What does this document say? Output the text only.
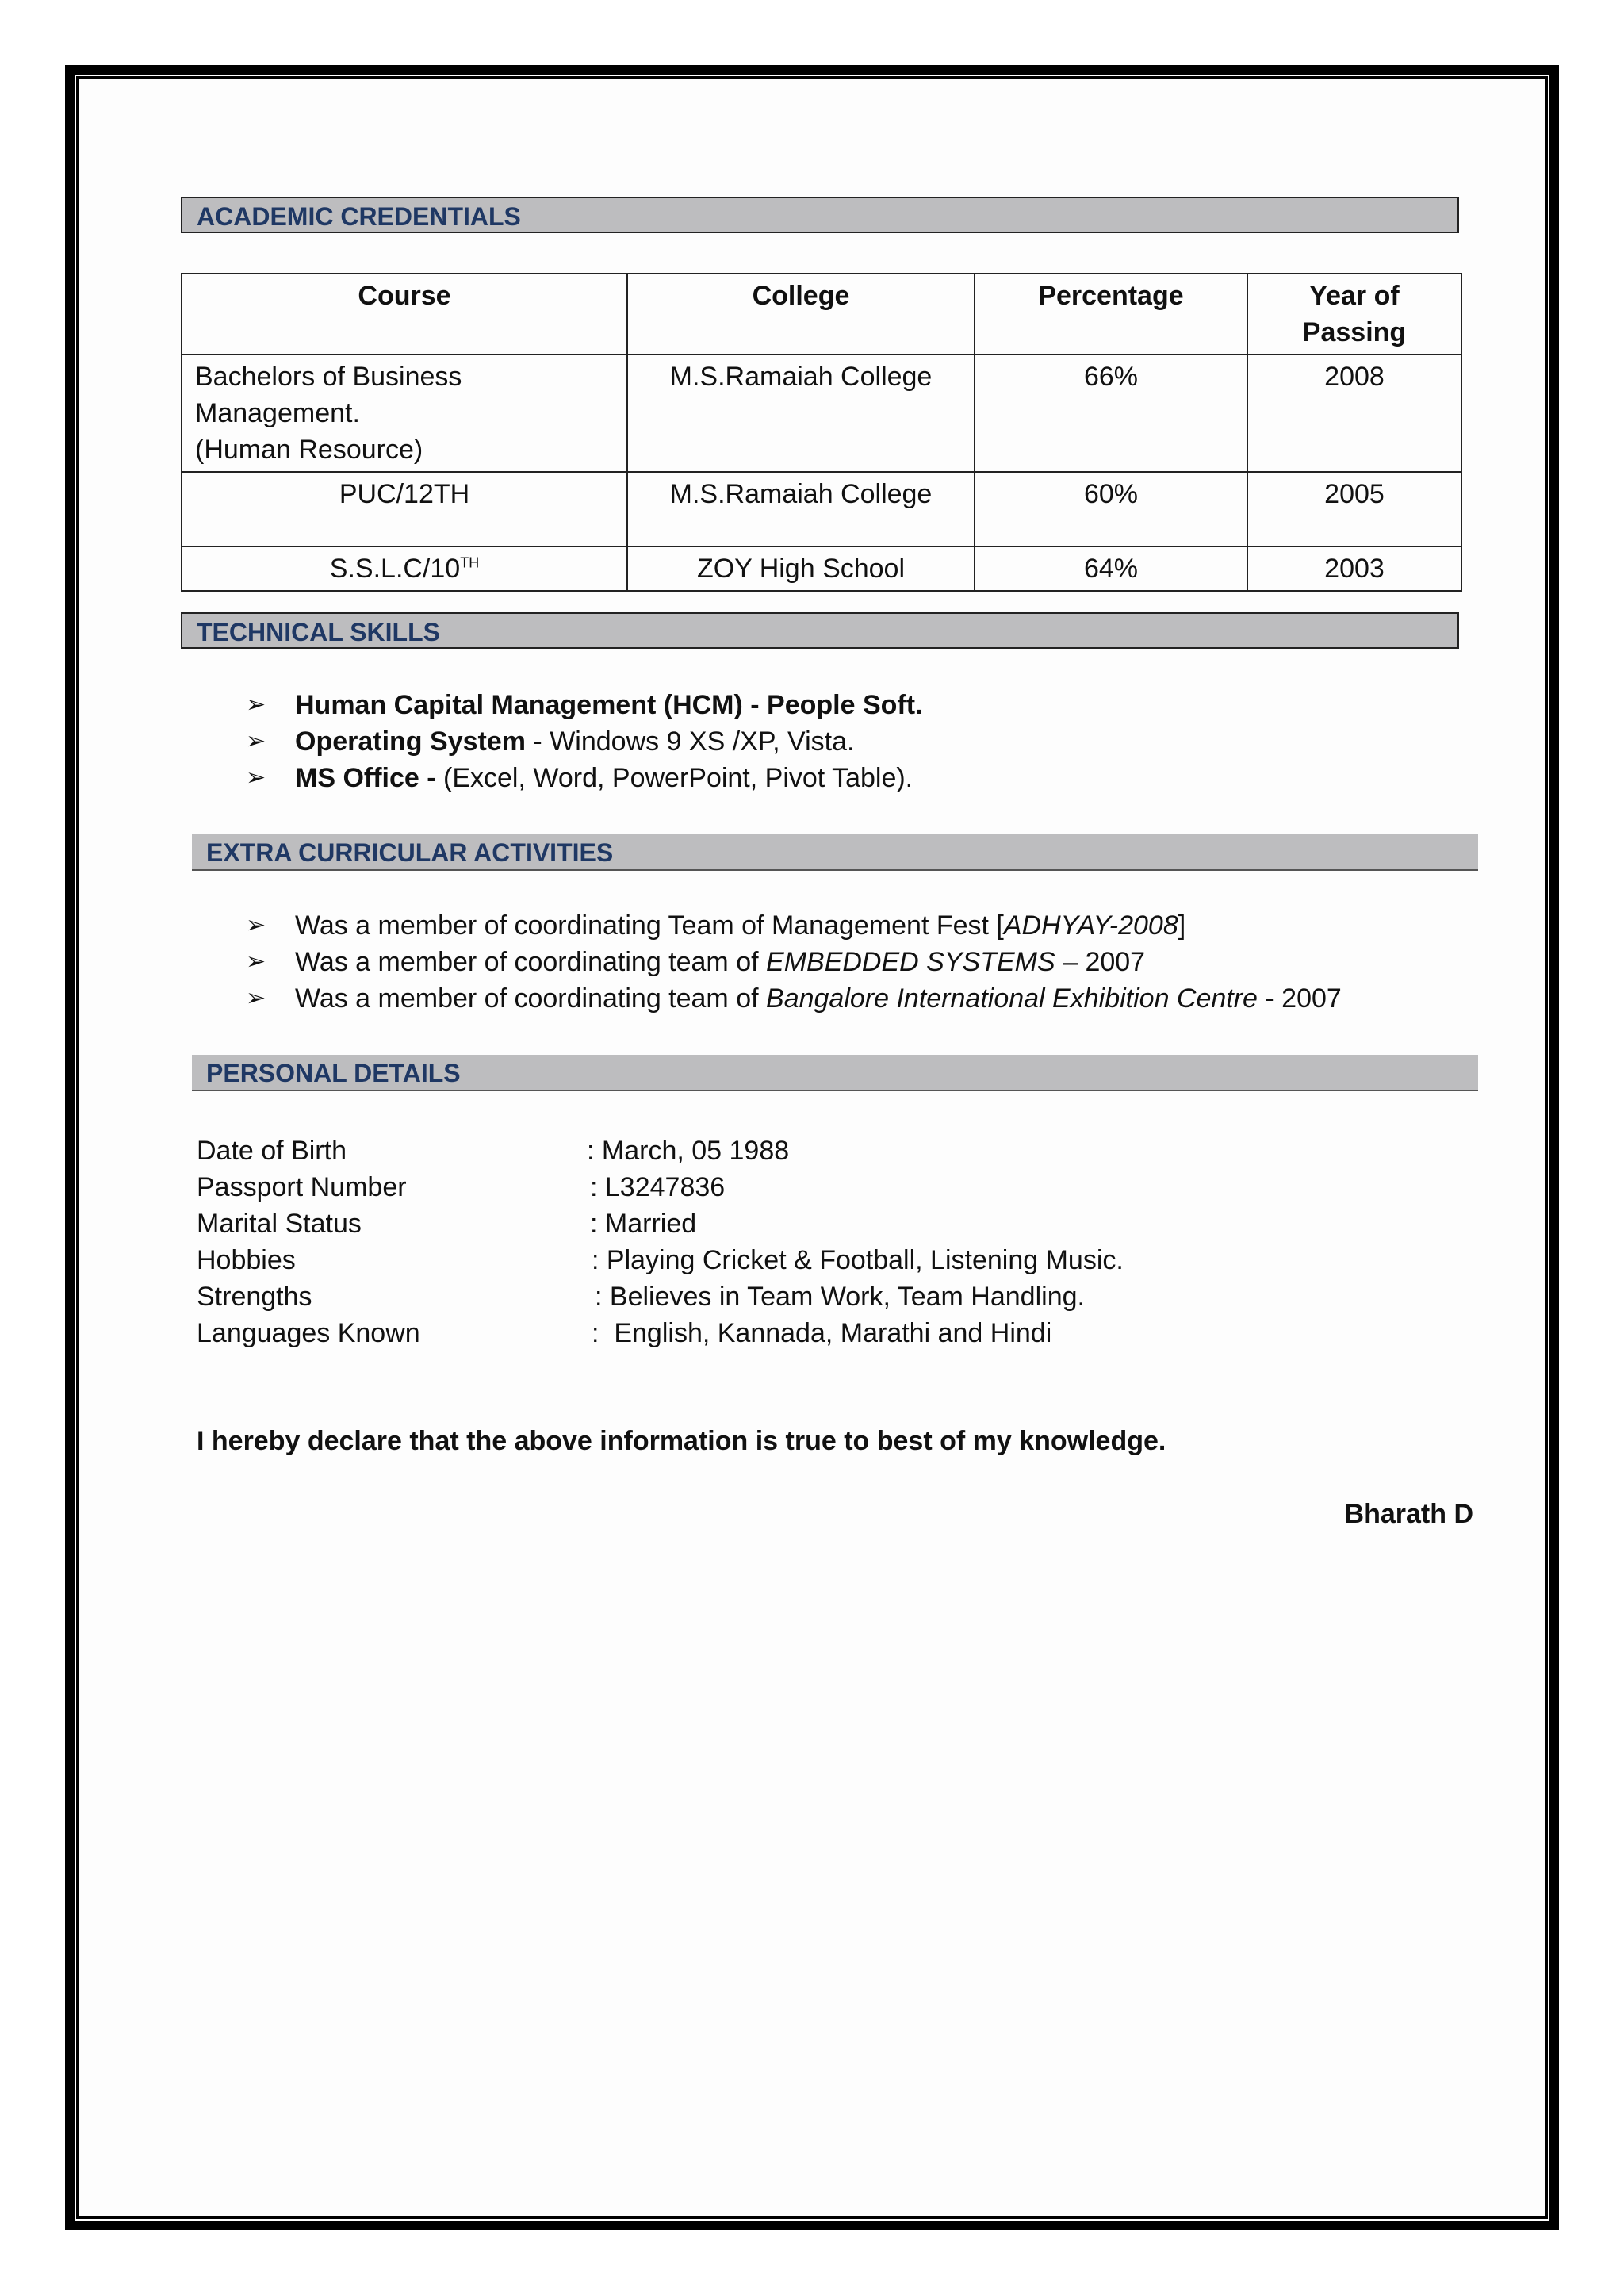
ACADEMIC CREDENTIALS
Course	College	Percentage	Year of Passing
Bachelors of Business Management.
(Human Resource)	M.S.Ramaiah College	66%	2008
PUC/12TH	M.S.Ramaiah College	60%	2005
S.S.L.C/10TH	ZOY High School	64%	2003
TECHNICAL SKILLS
➢ Human Capital Management (HCM) - People Soft.
➢ Operating System - Windows 9 XS /XP, Vista.
➢ MS Office - (Excel, Word, PowerPoint, Pivot Table).
EXTRA CURRICULAR ACTIVITIES
➢ Was a member of coordinating Team of Management Fest [ADHYAY-2008]
➢ Was a member of coordinating team of EMBEDDED SYSTEMS – 2007
➢ Was a member of coordinating team of Bangalore International Exhibition Centre - 2007
PERSONAL DETAILS
Date of Birth	: March, 05 1988
Passport Number	: L3247836
Marital Status	: Married
Hobbies	: Playing Cricket & Football, Listening Music.
Strengths	: Believes in Team Work, Team Handling.
Languages Known	:  English, Kannada, Marathi and Hindi
I hereby declare that the above information is true to best of my knowledge.
Bharath D
